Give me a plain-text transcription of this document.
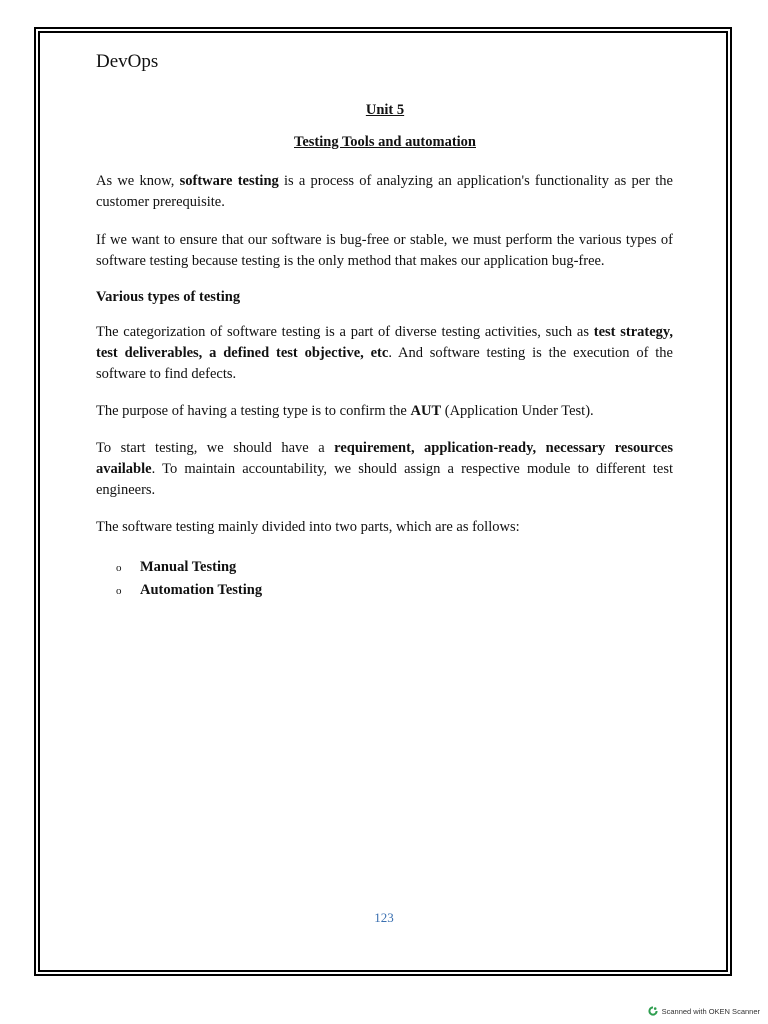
DevOps
Unit 5
Testing Tools and automation

As we know, software testing is a process of analyzing an application's functionality as per the customer prerequisite.

If we want to ensure that our software is bug-free or stable, we must perform the various types of software testing because testing is the only method that makes our application bug-free.

Various types of testing

The categorization of software testing is a part of diverse testing activities, such as test strategy, test deliverables, a defined test objective, etc. And software testing is the execution of the software to find defects.

The purpose of having a testing type is to confirm the AUT (Application Under Test).

To start testing, we should have a requirement, application-ready, necessary resources available. To maintain accountability, we should assign a respective module to different test engineers.

The software testing mainly divided into two parts, which are as follows:

o	Manual Testing
o	Automation Testing
123
Scanned with OKEN Scanner
